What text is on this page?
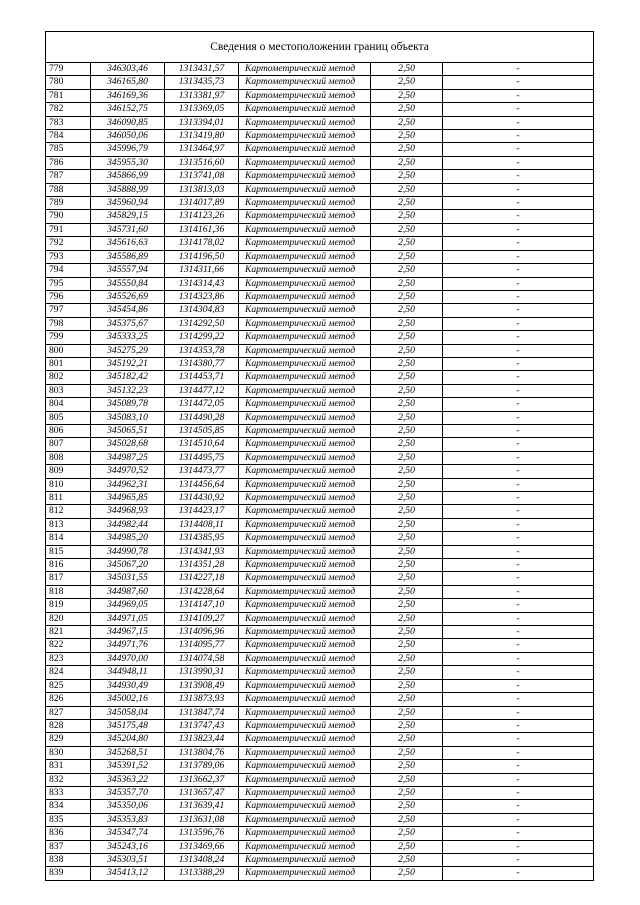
Сведения о местоположении границ объекта
779	346303,46	1313431,57	Картометрический метод	2,50	-
780	346165,80	1313435,73	Картометрический метод	2,50	-
781	346169,36	1313381,97	Картометрический метод	2,50	-
782	346152,75	1313369,05	Картометрический метод	2,50	-
783	346090,85	1313394,01	Картометрический метод	2,50	-
784	346050,06	1313419,80	Картометрический метод	2,50	-
785	345996,79	1313464,97	Картометрический метод	2,50	-
786	345955,30	1313516,60	Картометрический метод	2,50	-
787	345866,99	1313741,08	Картометрический метод	2,50	-
788	345888,99	1313813,03	Картометрический метод	2,50	-
789	345960,94	1314017,89	Картометрический метод	2,50	-
790	345829,15	1314123,26	Картометрический метод	2,50	-
791	345731,60	1314161,36	Картометрический метод	2,50	-
792	345616,63	1314178,02	Картометрический метод	2,50	-
793	345586,89	1314196,50	Картометрический метод	2,50	-
794	345557,94	1314311,66	Картометрический метод	2,50	-
795	345550,84	1314314,43	Картометрический метод	2,50	-
796	345526,69	1314323,86	Картометрический метод	2,50	-
797	345454,86	1314304,83	Картометрический метод	2,50	-
798	345375,67	1314292,50	Картометрический метод	2,50	-
799	345333,25	1314299,22	Картометрический метод	2,50	-
800	345275,29	1314353,78	Картометрический метод	2,50	-
801	345192,21	1314380,77	Картометрический метод	2,50	-
802	345182,42	1314453,71	Картометрический метод	2,50	-
803	345132,23	1314477,12	Картометрический метод	2,50	-
804	345089,78	1314472,05	Картометрический метод	2,50	-
805	345083,10	1314490,28	Картометрический метод	2,50	-
806	345065,51	1314505,85	Картометрический метод	2,50	-
807	345028,68	1314510,64	Картометрический метод	2,50	-
808	344987,25	1314495,75	Картометрический метод	2,50	-
809	344970,52	1314473,77	Картометрический метод	2,50	-
810	344962,31	1314456,64	Картометрический метод	2,50	-
811	344965,85	1314430,92	Картометрический метод	2,50	-
812	344968,93	1314423,17	Картометрический метод	2,50	-
813	344982,44	1314408,11	Картометрический метод	2,50	-
814	344985,20	1314385,95	Картометрический метод	2,50	-
815	344990,78	1314341,93	Картометрический метод	2,50	-
816	345067,20	1314351,28	Картометрический метод	2,50	-
817	345031,55	1314227,18	Картометрический метод	2,50	-
818	344987,60	1314228,64	Картометрический метод	2,50	-
819	344969,05	1314147,10	Картометрический метод	2,50	-
820	344971,05	1314109,27	Картометрический метод	2,50	-
821	344967,15	1314096,96	Картометрический метод	2,50	-
822	344971,76	1314095,77	Картометрический метод	2,50	-
823	344970,00	1314074,58	Картометрический метод	2,50	-
824	344948,11	1313990,31	Картометрический метод	2,50	-
825	344930,49	1313908,49	Картометрический метод	2,50	-
826	345002,16	1313873,93	Картометрический метод	2,50	-
827	345058,04	1313847,74	Картометрический метод	2,50	-
828	345175,48	1313747,43	Картометрический метод	2,50	-
829	345204,80	1313823,44	Картометрический метод	2,50	-
830	345268,51	1313804,76	Картометрический метод	2,50	-
831	345391,52	1313789,06	Картометрический метод	2,50	-
832	345363,22	1313662,37	Картометрический метод	2,50	-
833	345357,70	1313657,47	Картометрический метод	2,50	-
834	345350,06	1313639,41	Картометрический метод	2,50	-
835	345353,83	1313631,08	Картометрический метод	2,50	-
836	345347,74	1313596,76	Картометрический метод	2,50	-
837	345243,16	1313469,66	Картометрический метод	2,50	-
838	345303,51	1313408,24	Картометрический метод	2,50	-
839	345413,12	1313388,29	Картометрический метод	2,50	-
